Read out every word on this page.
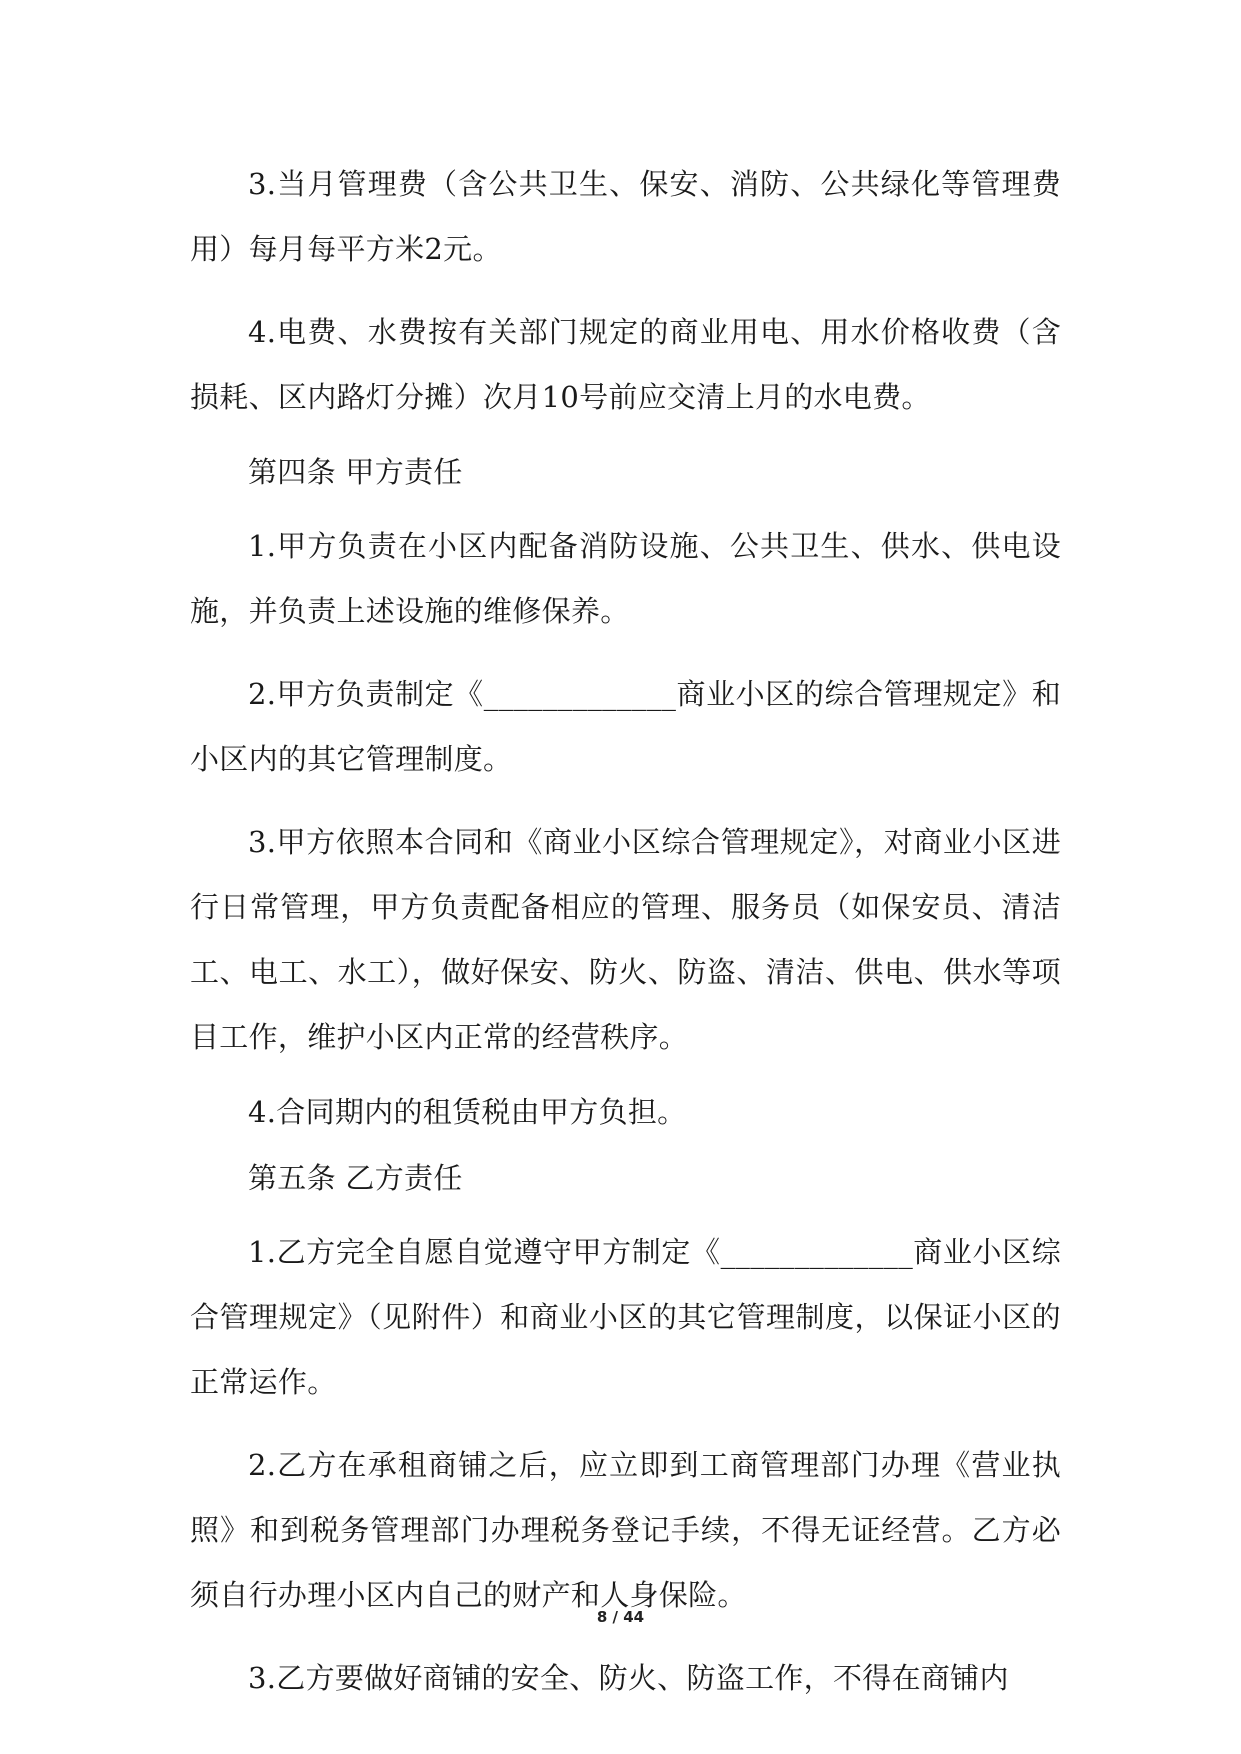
3.当月管理费（含公共卫生、保安、消防、公共绿化等管理费用）每月每平方米2元。

4.电费、水费按有关部门规定的商业用电、用水价格收费（含损耗、区内路灯分摊）次月10号前应交清上月的水电费。

第四条 甲方责任

1.甲方负责在小区内配备消防设施、公共卫生、供水、供电设施，并负责上述设施的维修保养。

2.甲方负责制定《_____________商业小区的综合管理规定》和小区内的其它管理制度。

3.甲方依照本合同和《商业小区综合管理规定》，对商业小区进行日常管理，甲方负责配备相应的管理、服务员（如保安员、清洁工、电工、水工），做好保安、防火、防盗、清洁、供电、供水等项目工作，维护小区内正常的经营秩序。

4.合同期内的租赁税由甲方负担。

第五条 乙方责任

1.乙方完全自愿自觉遵守甲方制定《_____________商业小区综合管理规定》（见附件）和商业小区的其它管理制度，以保证小区的正常运作。

2.乙方在承租商铺之后，应立即到工商管理部门办理《营业执照》和到税务管理部门办理税务登记手续，不得无证经营。乙方必须自行办理小区内自己的财产和人身保险。

3.乙方要做好商铺的安全、防火、防盗工作，不得在商铺内

8 / 44
